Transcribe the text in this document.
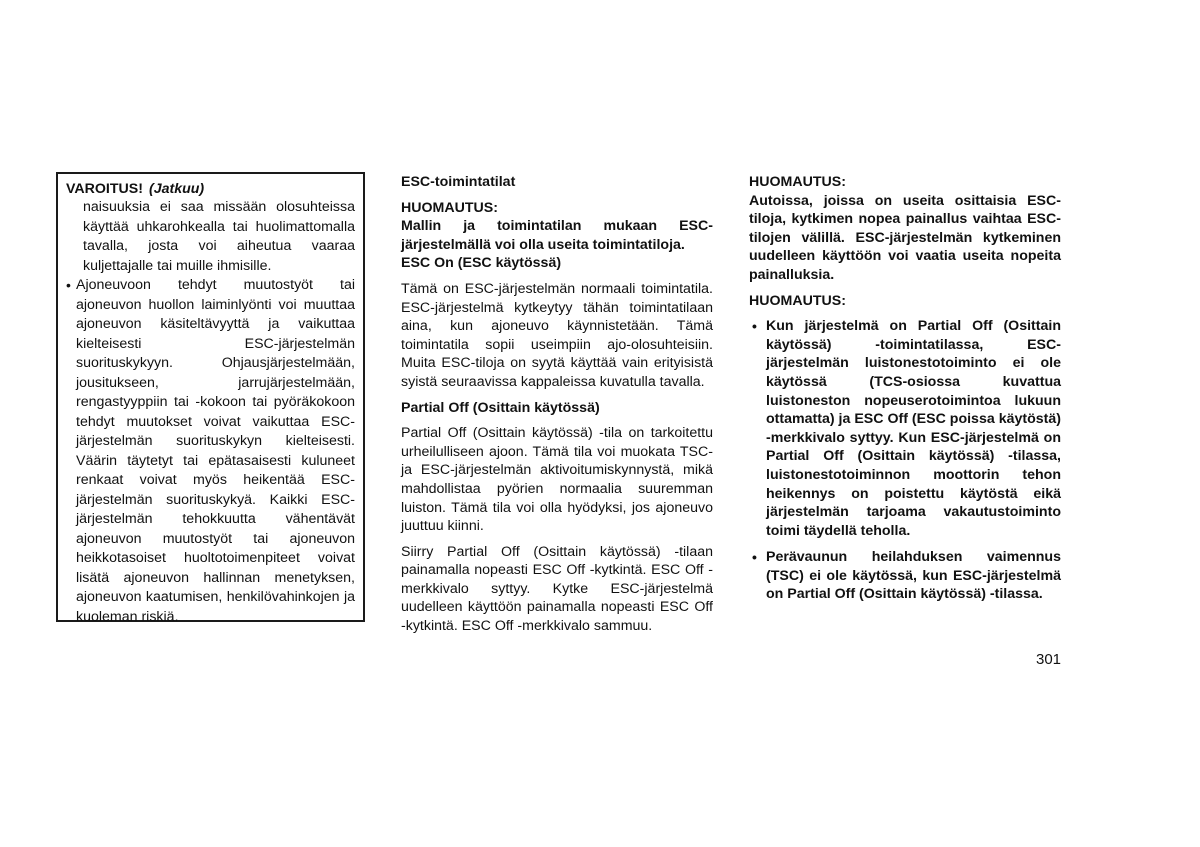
VAROITUS! (Jatkuu)

naisuuksia ei saa missään olosuhteissa käyttää uhkarohkealla tai huolimattomalla tavalla, josta voi aiheutua vaaraa kuljettajalle tai muille ihmisille.

• Ajoneuvoon tehdyt muutostyöt tai ajoneuvon huollon laiminlyönti voi muuttaa ajoneuvon käsiteltävyyttä ja vaikuttaa kielteisesti ESC-järjestelmän suorituskykyyn. Ohjausjärjestelmään, jousitukseen, jarrujärjestelmään, rengastyyppiin tai -kokoon tai pyöräkokoon tehdyt muutokset voivat vaikuttaa ESC-järjestelmän suorituskykyn kielteisesti. Väärin täytetyt tai epätasaisesti kuluneet renkaat voivat myös heikentää ESC-järjestelmän suorituskykyä. Kaikki ESC-järjestelmän tehokkuutta vähentävät ajoneuvon muutostyöt tai ajoneuvon heikkotasoiset huoltotoimenpiteet voivat lisätä ajoneuvon hallinnan menetyksen, ajoneuvon kaatumisen, henkilövahinkojen ja kuoleman riskiä.

ESC-toimintatilat

HUOMAUTUS:

Mallin ja toimintatilan mukaan ESC-järjestelmällä voi olla useita toimintatiloja.

ESC On (ESC käytössä)

Tämä on ESC-järjestelmän normaali toimintatila. ESC-järjestelmä kytkeytyy tähän toimintatilaan aina, kun ajoneuvo käynnistetään. Tämä toimintatila sopii useimpiin ajo-olosuhteisiin. Muita ESC-tiloja on syytä käyttää vain erityisistä syistä seuraavissa kappaleissa kuvatulla tavalla.

Partial Off (Osittain käytössä)

Partial Off (Osittain käytössä) -tila on tarkoitettu urheilulliseen ajoon. Tämä tila voi muokata TSC- ja ESC-järjestelmän aktivoitumiskynnystä, mikä mahdollistaa pyörien normaalia suuremman luiston. Tämä tila voi olla hyödyksi, jos ajoneuvo juuttuu kiinni.

Siirry Partial Off (Osittain käytössä) -tilaan painamalla nopeasti ESC Off -kytkintä. ESC Off -merkkivalo syttyy. Kytke ESC-järjestelmä uudelleen käyttöön painamalla nopeasti ESC Off -kytkintä. ESC Off -merkkivalo sammuu.

HUOMAUTUS:

Autoissa, joissa on useita osittaisia ESC-tiloja, kytkimen nopea painallus vaihtaa ESC-tilojen välillä. ESC-järjestelmän kytkeminen uudelleen käyttöön voi vaatia useita nopeita painalluksia.

HUOMAUTUS:

• Kun järjestelmä on Partial Off (Osittain käytössä) -toimintatilassa, ESC-järjestelmän luistonestotoiminto ei ole käytössä (TCS-osiossa kuvattua luistoneston nopeuserotoimintoa lukuun ottamatta) ja ESC Off (ESC poissa käytöstä) -merkkivalo syttyy. Kun ESC-järjestelmä on Partial Off (Osittain käytössä) -tilassa, luistonestotoiminnon moottorin tehon heikennys on poistettu käytöstä eikä järjestelmän tarjoama vakautustoiminto toimi täydellä teholla.
• Perävaunun heilahduksen vaimennus (TSC) ei ole käytössä, kun ESC-järjestelmä on Partial Off (Osittain käytössä) -tilassa.
301
